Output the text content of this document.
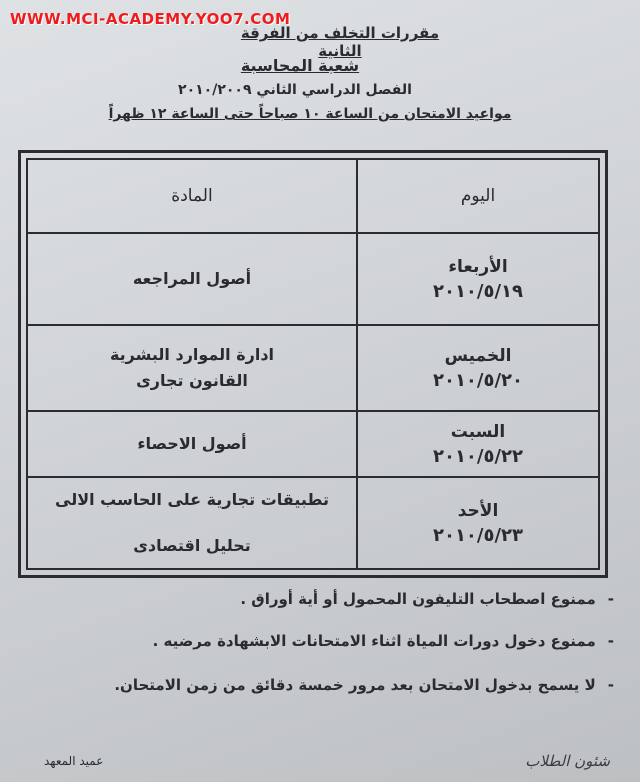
WWW.MCI-ACADEMY.YOO7.COM
مقررات التخلف من الفرقة الثانية
شعبة المحاسبة
الفصل الدراسي الثاني ٢٠١٠/٢٠٠٩
مواعيد الامتحان من الساعة ١٠ صباحاً حتى الساعة ١٢ ظهراً
اليوم	المادة

الأربعاء
٢٠١٠/٥/١٩	أصول المراجعه

الخميس
٢٠١٠/٥/٢٠	ادارة الموارد البشرية
القانون تجارى

السبت
٢٠١٠/٥/٢٢	أصول الاحصاء

الأحد
٢٠١٠/٥/٢٣	تطبيقات تجارية على الحاسب الالى
تحليل اقتصادى
-ممنوع اصطحاب التليفون المحمول أو أية أوراق .
-ممنوع دخول دورات المياة اثناء الامتحانات الابشهادة مرضيه .
-لا يسمح بدخول الامتحان بعد مرور خمسة دقائق من زمن الامتحان.
عميد المعهد	شئون الطلاب
